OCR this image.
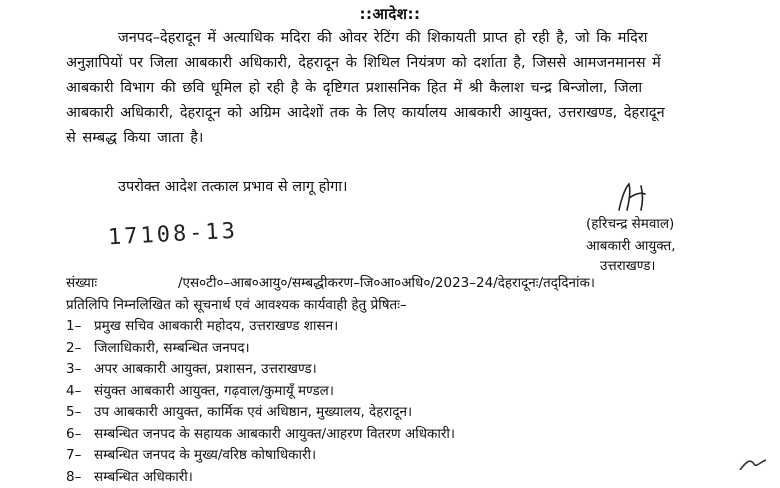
::आदेश::
जनपद–देहरादून में अत्याधिक मदिरा की ओवर रेटिंग की शिकायती प्राप्त हो रही है, जो कि मदिरा
अनुज्ञापियों पर जिला आबकारी अधिकारी, देहरादून के शिथिल नियंत्रण को दर्शाता है, जिससे आमजनमानस में
आबकारी विभाग की छवि धूमिल हो रही है के दृष्टिगत प्रशासनिक हित में श्री कैलाश चन्द्र बिन्जोला, जिला
आबकारी अधिकारी, देहरादून को अग्रिम आदेशों तक के लिए कार्यालय आबकारी आयुक्त, उत्तराखण्ड, देहरादून
से सम्बद्ध किया जाता है।
उपरोक्त आदेश तत्काल प्रभाव से लागू होगा।
(हरिचन्द्र सेमवाल)
आबकारी आयुक्त,
उत्तराखण्ड।
17108-13
संख्याः	/एस०टी०–आब०आयु०/सम्बद्धीकरण–जि०आ०अधि०/2023–24/देहरादूनः/तद्‌दिनांक।
प्रतिलिपि निम्नलिखित को सूचनार्थ एवं आवश्यक कार्यवाही हेतु प्रेषितः–
1– प्रमुख सचिव आबकारी महोदय, उत्तराखण्ड शासन।
2– जिलाधिकारी, सम्बन्धित जनपद।
3– अपर आबकारी आयुक्त, प्रशासन, उत्तराखण्ड।
4– संयुक्त आबकारी आयुक्त, गढ़वाल/कुमायूँ मण्डल।
5– उप आबकारी आयुक्त, कार्मिक एवं अधिष्ठान, मुख्यालय, देहरादून।
6– सम्बन्धित जनपद के सहायक आबकारी आयुक्त/आहरण वितरण अधिकारी।
7– सम्बन्धित जनपद के मुख्य/वरिष्ठ कोषाधिकारी।
8– सम्बन्धित अधिकारी।
